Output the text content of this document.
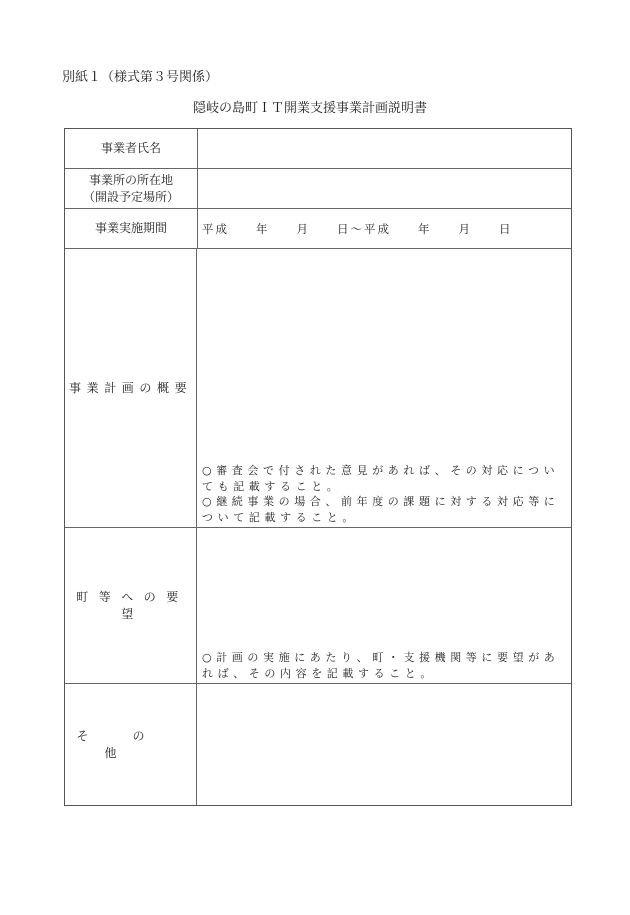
別紙１（様式第３号関係）
隠岐の島町ＩＴ開業支援事業計画説明書
事業者氏名
事業所の所在地
（開設予定場所）
事業実施期間	平成　　年　　月　　日～平成　　年　　月　　日
事業計画の概要
○審査会で付された意見があれば、その対応についても記載すること。
○継続事業の場合、前年度の課題に対する対応等について記載すること。
町等への要望
○計画の実施にあたり、町・支援機関等に要望があれば、その内容を記載すること。
その他
